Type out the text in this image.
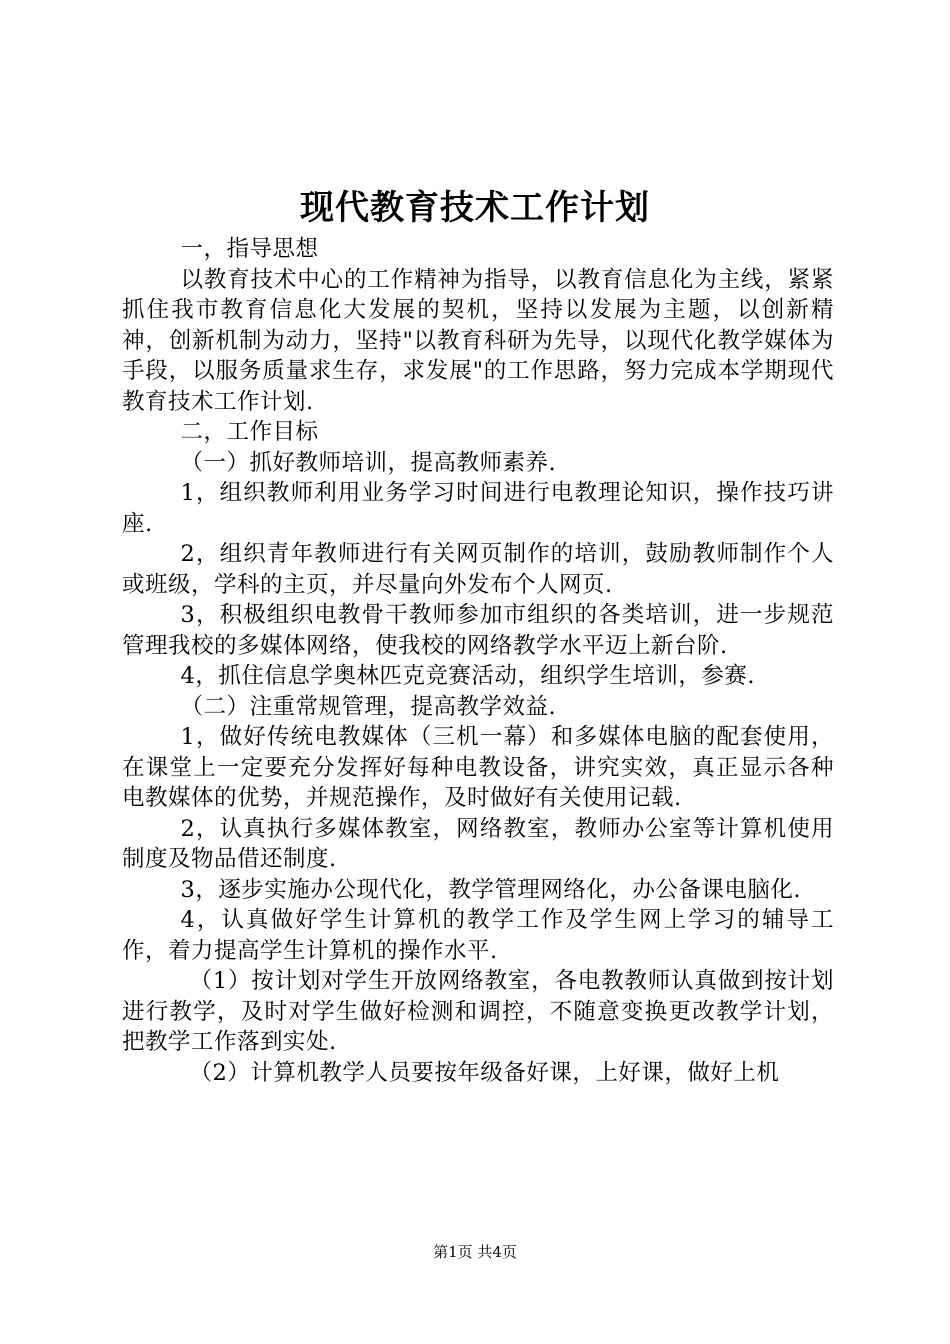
现代教育技术工作计划

一，指导思想

以教育技术中心的工作精神为指导，以教育信息化为主线，紧紧抓住我市教育信息化大发展的契机，坚持以发展为主题，以创新精神，创新机制为动力，坚持"以教育科研为先导，以现代化教学媒体为手段，以服务质量求生存，求发展"的工作思路，努力完成本学期现代教育技术工作计划.

二，工作目标

（一）抓好教师培训，提高教师素养.

1，组织教师利用业务学习时间进行电教理论知识，操作技巧讲座.

2，组织青年教师进行有关网页制作的培训，鼓励教师制作个人或班级，学科的主页，并尽量向外发布个人网页.

3，积极组织电教骨干教师参加市组织的各类培训，进一步规范管理我校的多媒体网络，使我校的网络教学水平迈上新台阶.

4，抓住信息学奥林匹克竞赛活动，组织学生培训，参赛.

（二）注重常规管理，提高教学效益.

1，做好传统电教媒体（三机一幕）和多媒体电脑的配套使用，在课堂上一定要充分发挥好每种电教设备，讲究实效，真正显示各种电教媒体的优势，并规范操作，及时做好有关使用记载.

2，认真执行多媒体教室，网络教室，教师办公室等计算机使用制度及物品借还制度.

3，逐步实施办公现代化，教学管理网络化，办公备课电脑化.

4，认真做好学生计算机的教学工作及学生网上学习的辅导工作，着力提高学生计算机的操作水平.

（1）按计划对学生开放网络教室，各电教教师认真做到按计划进行教学，及时对学生做好检测和调控，不随意变换更改教学计划，把教学工作落到实处.

（2）计算机教学人员要按年级备好课，上好课，做好上机

第1页 共4页
